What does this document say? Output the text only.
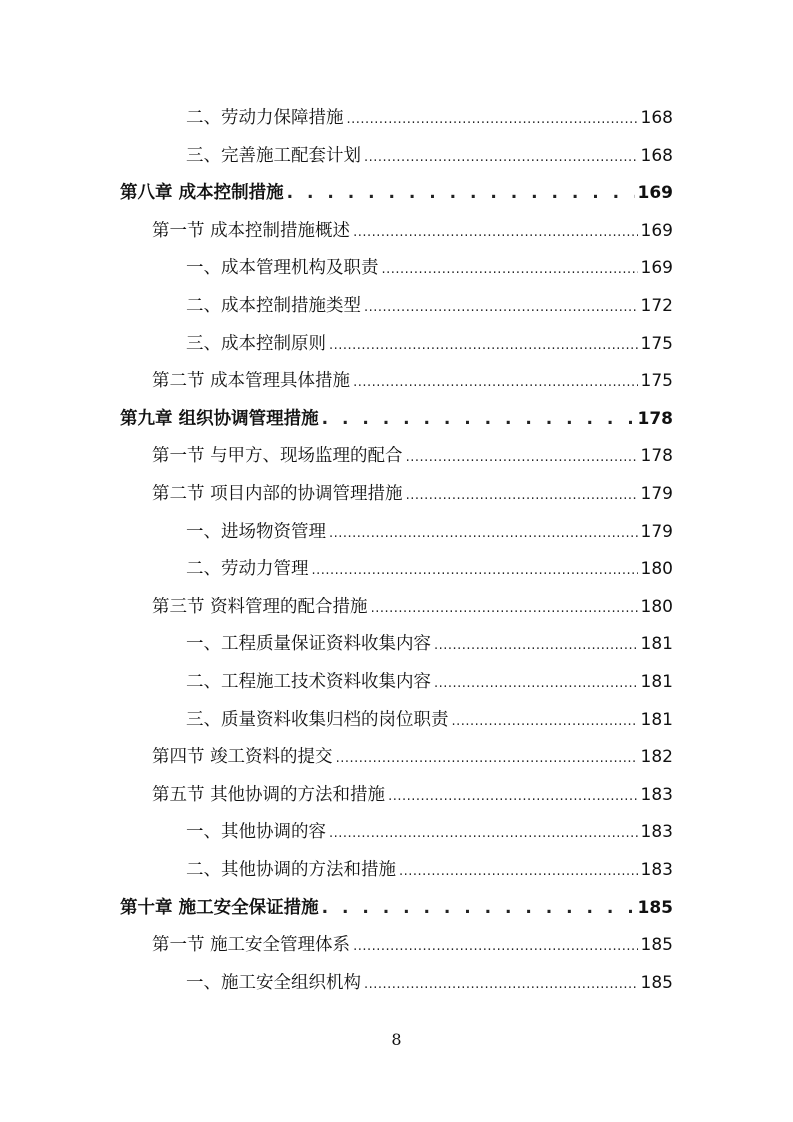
二、劳动力保障措施 .....	168
三、完善施工配套计划 .....	168
第八章 成本控制措施 . . .	169
第一节 成本控制措施概述 .....	169
一、成本管理机构及职责 .....	169
二、成本控制措施类型 .....	172
三、成本控制原则 .....	175
第二节 成本管理具体措施 .....	175
第九章 组织协调管理措施 . . .	178
第一节 与甲方、现场监理的配合 .....	178
第二节 项目内部的协调管理措施 .....	179
一、进场物资管理 .....	179
二、劳动力管理 .....	180
第三节 资料管理的配合措施 .....	180
一、工程质量保证资料收集内容 .....	181
二、工程施工技术资料收集内容 .....	181
三、质量资料收集归档的岗位职责 .....	181
第四节 竣工资料的提交 .....	182
第五节 其他协调的方法和措施 .....	183
一、其他协调的容 .....	183
二、其他协调的方法和措施 .....	183
第十章 施工安全保证措施 . . .	185
第一节 施工安全管理体系 .....	185
一、施工安全组织机构 .....	185
8
